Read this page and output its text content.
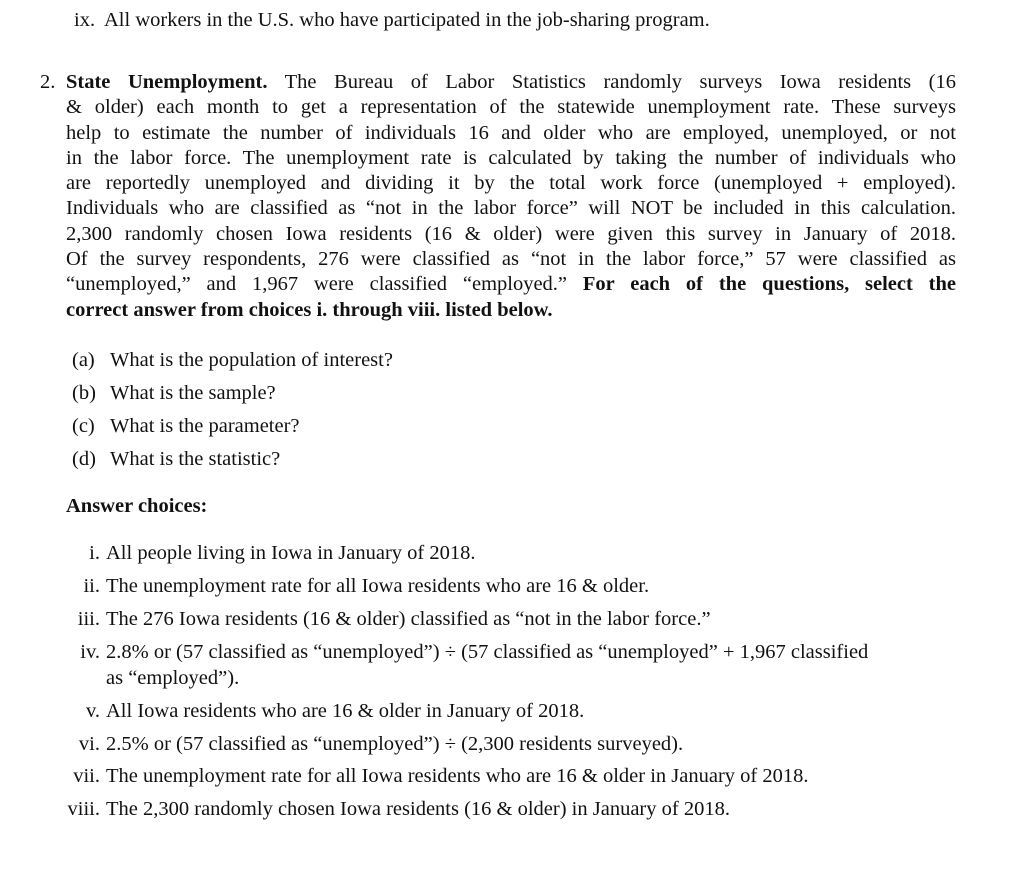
ix. All workers in the U.S. who have participated in the job-sharing program.
2. State Unemployment. The Bureau of Labor Statistics randomly surveys Iowa residents (16
& older) each month to get a representation of the statewide unemployment rate. These surveys
help to estimate the number of individuals 16 and older who are employed, unemployed, or not
in the labor force. The unemployment rate is calculated by taking the number of individuals who
are reportedly unemployed and dividing it by the total work force (unemployed + employed).
Individuals who are classified as “not in the labor force” will NOT be included in this calculation.
2,300 randomly chosen Iowa residents (16 & older) were given this survey in January of 2018.
Of the survey respondents, 276 were classified as “not in the labor force,” 57 were classified as
“unemployed,” and 1,967 were classified “employed.” For each of the questions, select the
correct answer from choices i. through viii. listed below.
(a) What is the population of interest?
(b) What is the sample?
(c) What is the parameter?
(d) What is the statistic?
Answer choices:
i. All people living in Iowa in January of 2018.
ii. The unemployment rate for all Iowa residents who are 16 & older.
iii. The 276 Iowa residents (16 & older) classified as “not in the labor force.”
iv. 2.8% or (57 classified as “unemployed”) ÷ (57 classified as “unemployed” + 1,967 classified
as “employed”).
v. All Iowa residents who are 16 & older in January of 2018.
vi. 2.5% or (57 classified as “unemployed”) ÷ (2,300 residents surveyed).
vii. The unemployment rate for all Iowa residents who are 16 & older in January of 2018.
viii. The 2,300 randomly chosen Iowa residents (16 & older) in January of 2018.
